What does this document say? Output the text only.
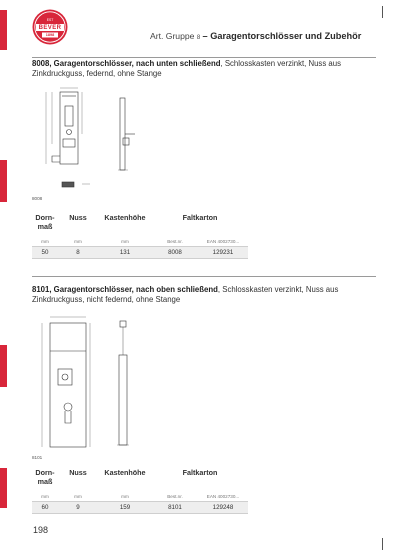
BEVER
EST
1898	Art. Gruppe 8 – Garagentorschlösser und Zubehör
8008, Garagentorschlösser, nach unten schließend, Schlosskasten verzinkt, Nuss aus Zinkdruckguss, federnd, ohne Stange
8008
Dorn-maß	Nuss	Kastenhöhe	Faltkarton	
mm	mm	mm	Best.nr.	EAN 4002730...
50	8	131	8008	129231
8101, Garagentorschlösser, nach oben schließend, Schlosskasten verzinkt, Nuss aus Zinkdruckguss, nicht federnd, ohne Stange
8101
Dorn-maß	Nuss	Kastenhöhe	Faltkarton	
mm	mm	mm	Best.nr.	EAN 4002730...
60	9	159	8101	129248
198
